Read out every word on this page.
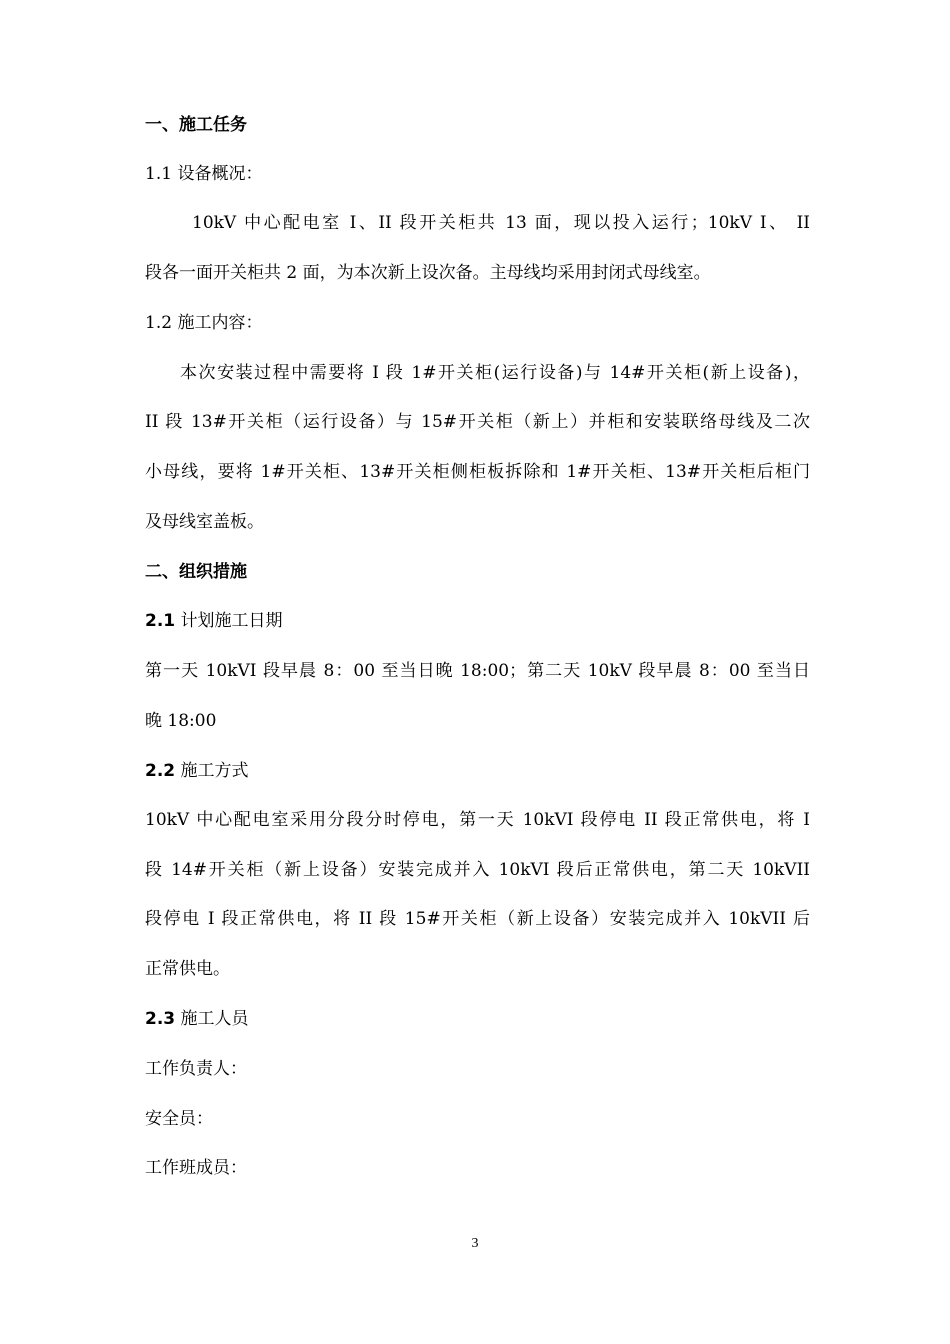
一、施工任务
1.1 设备概况：
10kV 中心配电室 I、II 段开关柜共 13 面，现以投入运行；10kV I、 II
段各一面开关柜共 2 面，为本次新上设次备。主母线均采用封闭式母线室。
1.2 施工内容：
本次安装过程中需要将 I 段 1#开关柜(运行设备)与 14#开关柜(新上设备)，
II 段 13#开关柜（运行设备）与 15#开关柜（新上）并柜和安装联络母线及二次
小母线，要将 1#开关柜、13#开关柜侧柜板拆除和 1#开关柜、13#开关柜后柜门
及母线室盖板。
二、组织措施
2.1 计划施工日期
第一天 10kVI 段早晨 8：00 至当日晚 18:00；第二天 10kV 段早晨 8：00 至当日
晚 18:00
2.2 施工方式
10kV 中心配电室采用分段分时停电，第一天 10kVI 段停电 II 段正常供电，将 I
段 14#开关柜（新上设备）安装完成并入 10kVI 段后正常供电，第二天 10kVII
段停电 I 段正常供电，将 II 段 15#开关柜（新上设备）安装完成并入 10kVII 后
正常供电。
2.3 施工人员
工作负责人：
安全员：
工作班成员：
3
